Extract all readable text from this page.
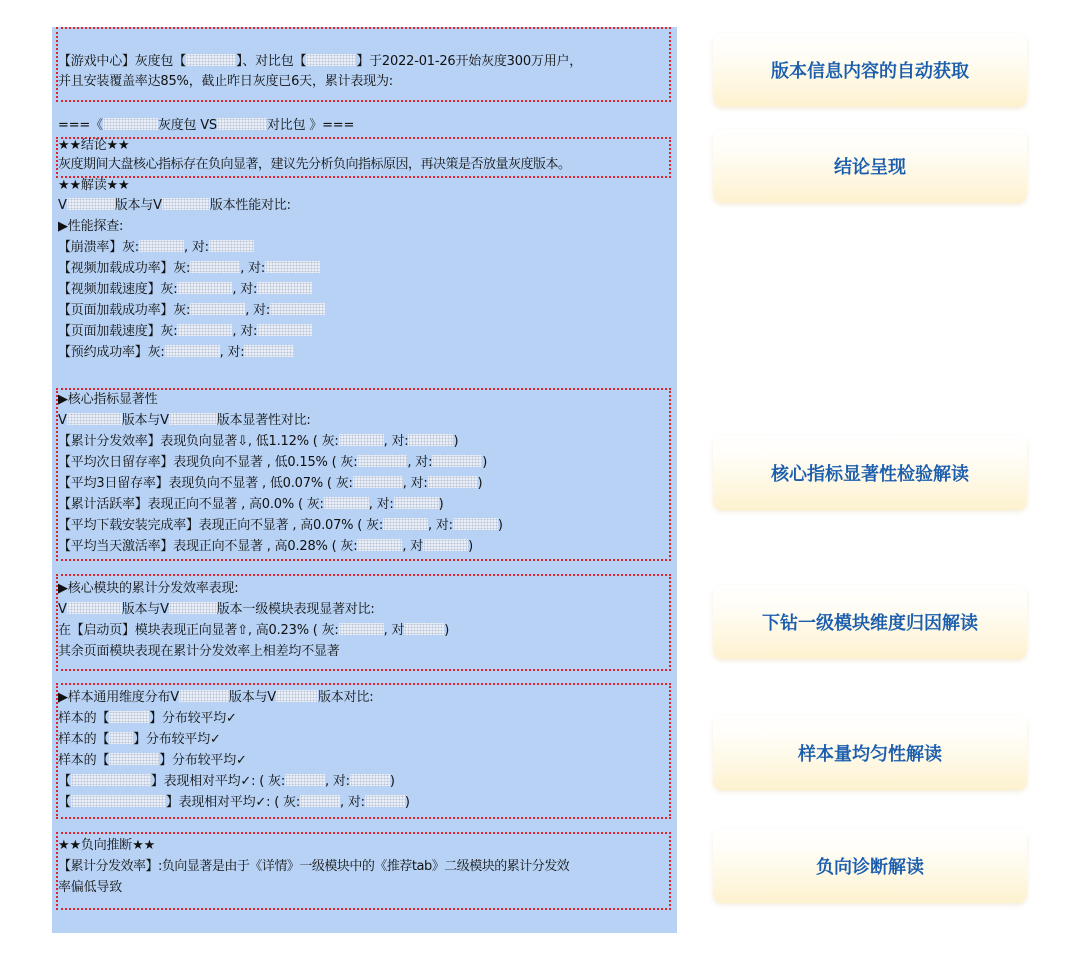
【游戏中心】灰度包【	】、对比包【	】于2022-01-26开始灰度300万用户，
并且安装覆盖率达85%，截止昨日灰度已6天，累计表现为:
===《	灰度包 VS	对比包 》===
★★结论★★
灰度期间大盘核心指标存在负向显著，建议先分析负向指标原因，再决策是否放量灰度版本。
★★解读★★
V	版本与V	版本性能对比:
▶性能探查:
【崩溃率】灰:	, 对:
【视频加载成功率】灰:	, 对:
【视频加载速度】灰:	, 对:
【页面加载成功率】灰:	, 对:
【页面加载速度】灰:	, 对:
【预约成功率】灰:	, 对:
▶核心指标显著性
V	版本与V	版本显著性对比:
【累计分发效率】表现负向显著⇩, 低1.12% ( 灰:	, 对:	)
【平均次日留存率】表现负向不显著 , 低0.15% ( 灰:	, 对:	)
【平均3日留存率】表现负向不显著 , 低0.07% ( 灰:	, 对:	)
【累计活跃率】表现正向不显著 , 高0.0% ( 灰:	, 对:	)
【平均下载安装完成率】表现正向不显著 , 高0.07% ( 灰:	, 对:	)
【平均当天激活率】表现正向不显著 , 高0.28% ( 灰:	, 对	)
▶核心模块的累计分发效率表现:
V	版本与V	版本一级模块表现显著对比:
在【启动页】模块表现正向显著⇧, 高0.23% ( 灰:	, 对	)
其余页面模块表现在累计分发效率上相差均不显著
▶样本通用维度分布V	版本与V	版本对比:
样本的【	】分布较平均✓
样本的【 】分布较平均✓
样本的【	】分布较平均✓
【	】表现相对平均✓: ( 灰:	, 对:	)
【	】表现相对平均✓: ( 灰:	, 对:	)
★★负向推断★★
【累计分发效率】:负向显著是由于《详情》一级模块中的《推荐tab》二级模块的累计分发效
率偏低导致
版本信息内容的自动获取
结论呈现
核心指标显著性检验解读
下钻一级模块维度归因解读
样本量均匀性解读
负向诊断解读
